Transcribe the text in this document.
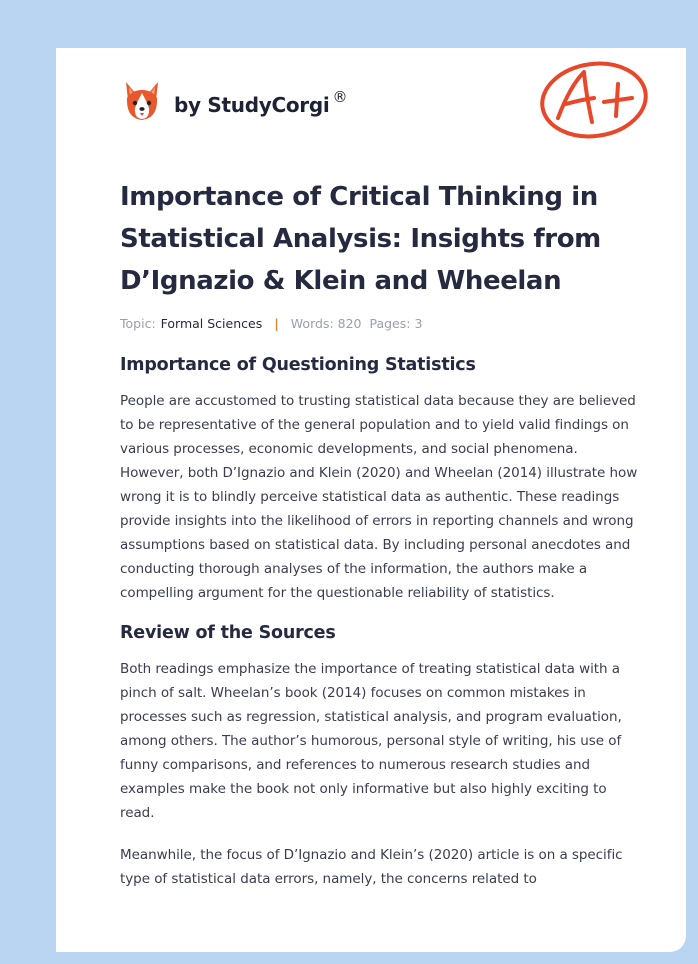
by StudyCorgi ®
Importance of Critical Thinking in Statistical Analysis: Insights from D’Ignazio & Klein and Wheelan
Topic: Formal Sciences | Words: 820 Pages: 3
Importance of Questioning Statistics

People are accustomed to trusting statistical data because they are believed to be representative of the general population and to yield valid findings on various processes, economic developments, and social phenomena. However, both D’Ignazio and Klein (2020) and Wheelan (2014) illustrate how wrong it is to blindly perceive statistical data as authentic. These readings provide insights into the likelihood of errors in reporting channels and wrong assumptions based on statistical data. By including personal anecdotes and conducting thorough analyses of the information, the authors make a compelling argument for the questionable reliability of statistics.

Review of the Sources

Both readings emphasize the importance of treating statistical data with a pinch of salt. Wheelan’s book (2014) focuses on common mistakes in processes such as regression, statistical analysis, and program evaluation, among others. The author’s humorous, personal style of writing, his use of funny comparisons, and references to numerous research studies and examples make the book not only informative but also highly exciting to read.

Meanwhile, the focus of D’Ignazio and Klein’s (2020) article is on a specific type of statistical data errors, namely, the concerns related to
